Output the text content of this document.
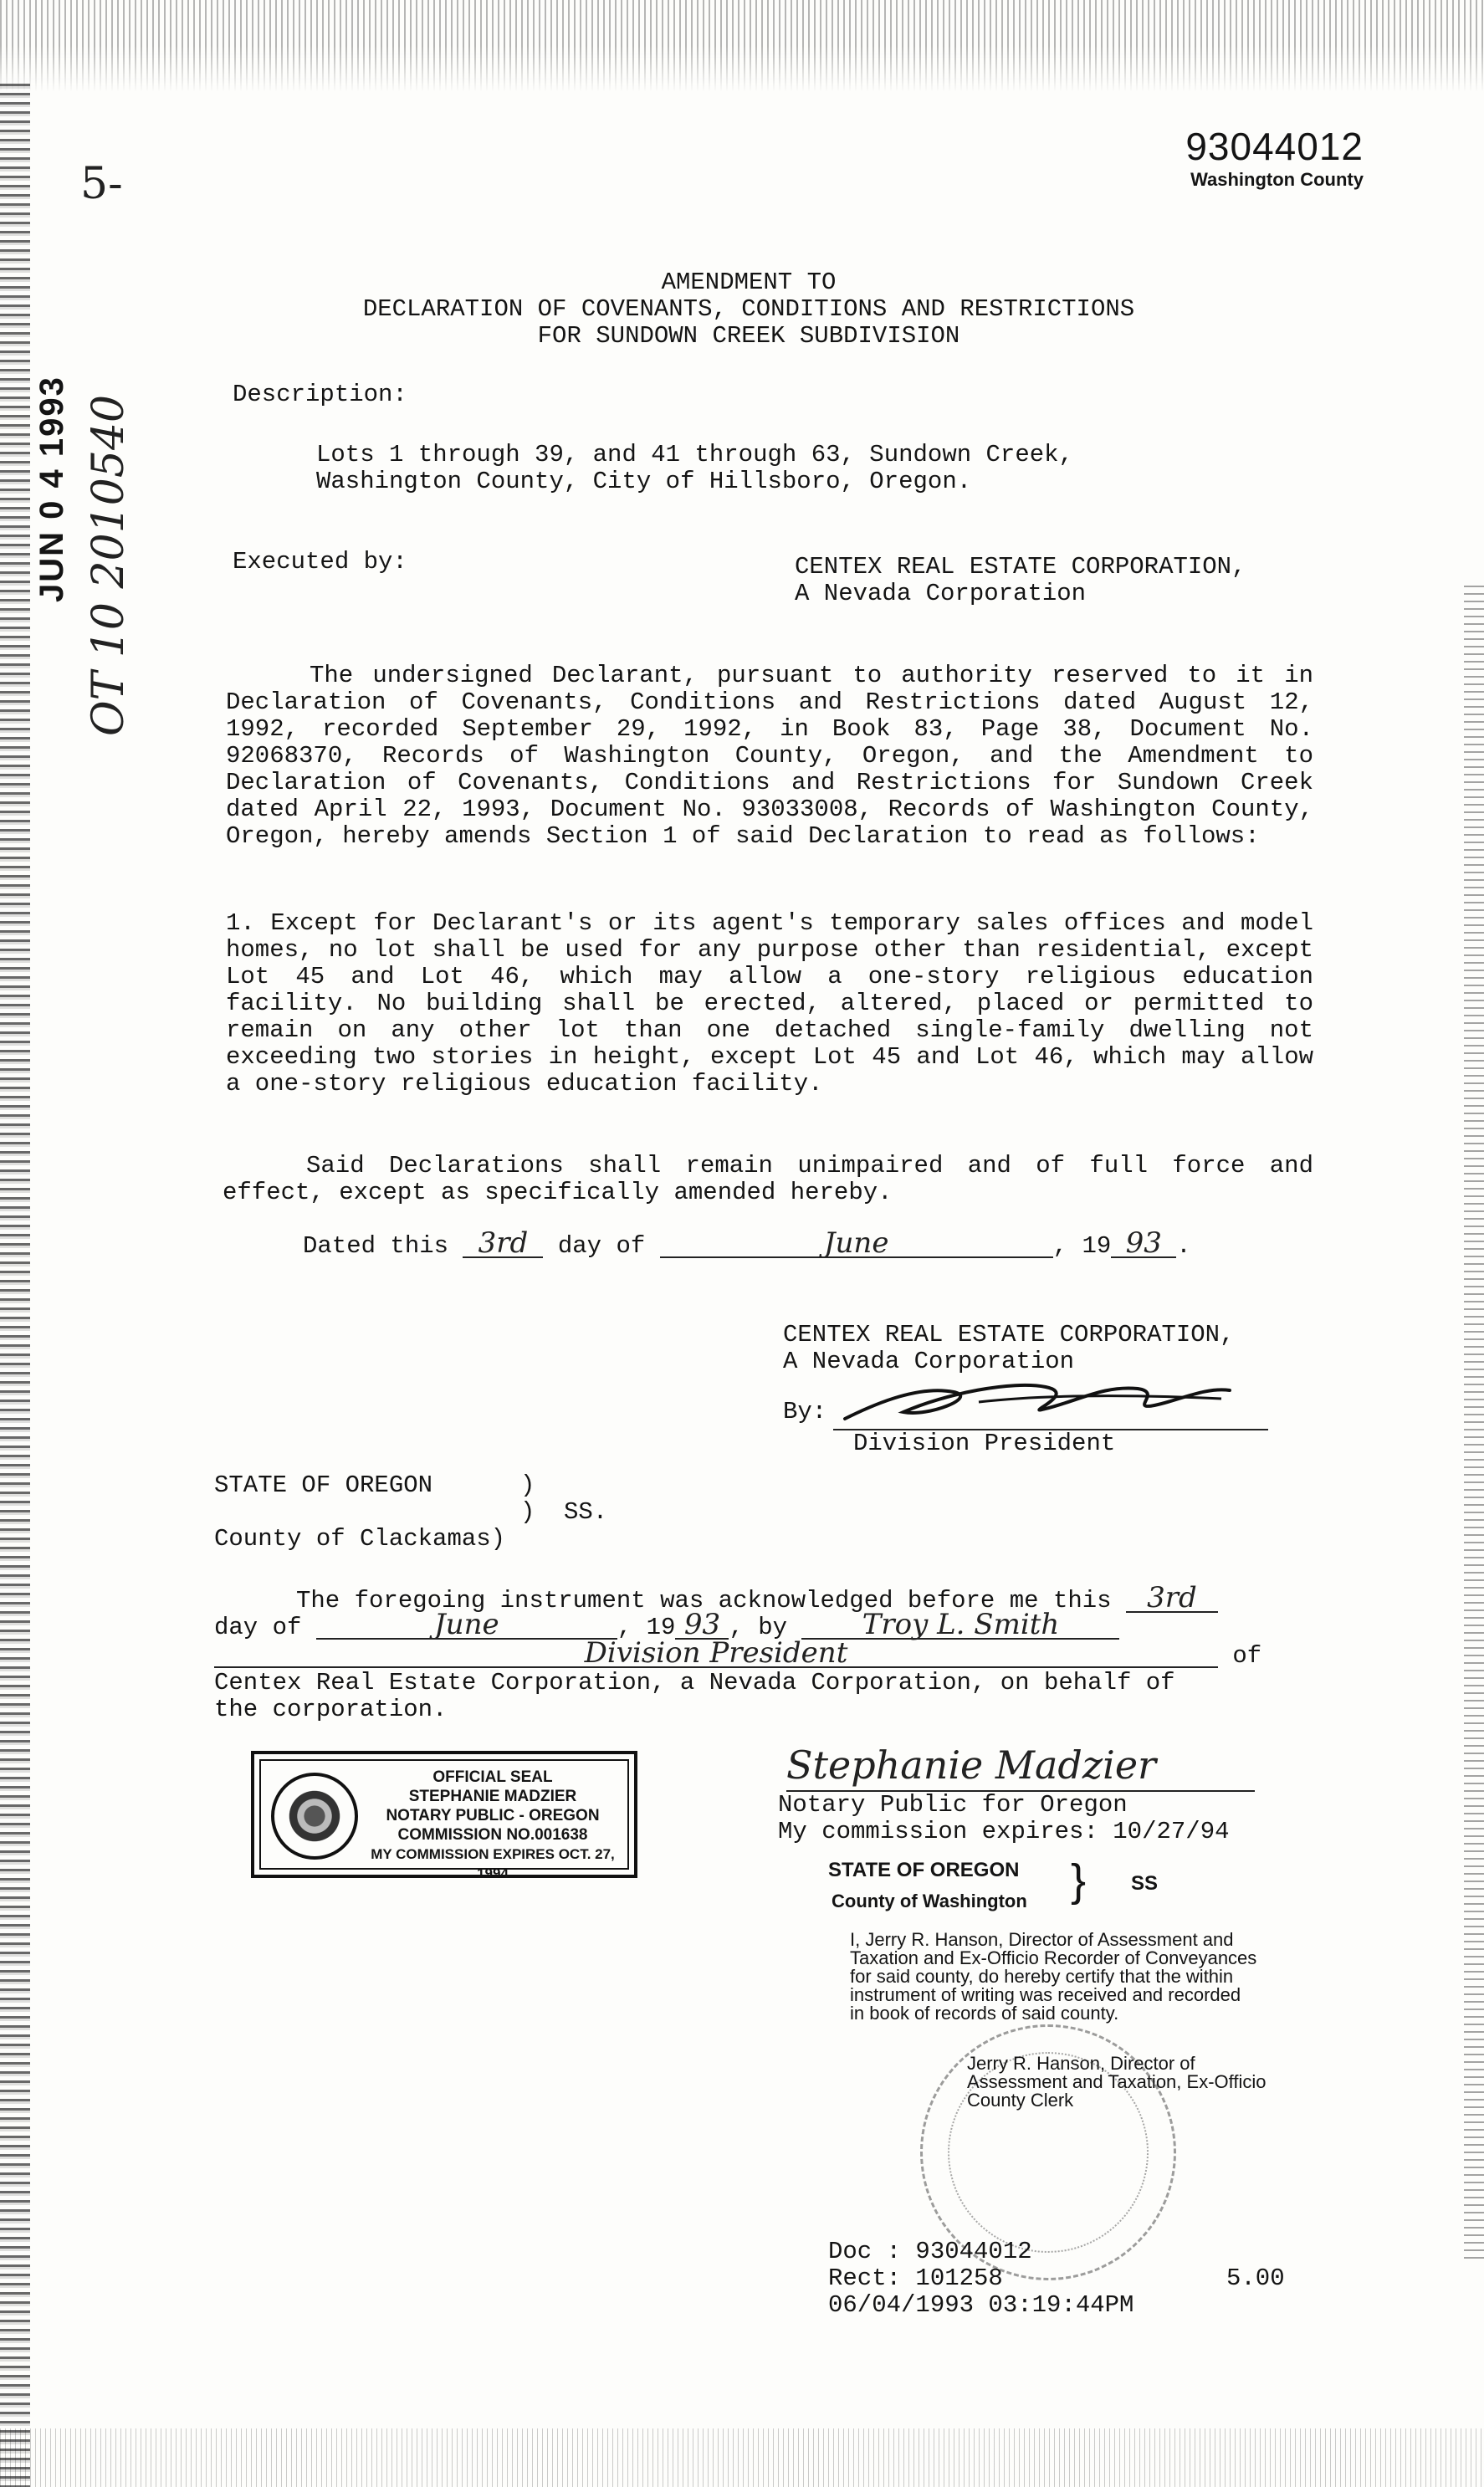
93044012
Washington County
5-
JUN 0 4 1993 OT 10 2010540
AMENDMENT TO
DECLARATION OF COVENANTS, CONDITIONS AND RESTRICTIONS
FOR SUNDOWN CREEK SUBDIVISION
Description:
Lots 1 through 39, and 41 through 63, Sundown Creek,
Washington County, City of Hillsboro, Oregon.
Executed by:	CENTEX REAL ESTATE CORPORATION,
A Nevada Corporation
The undersigned Declarant, pursuant to authority reserved to it in Declaration of Covenants, Conditions and Restrictions dated August 12, 1992, recorded September 29, 1992, in Book 83, Page 38, Document No. 92068370, Records of Washington County, Oregon, and the Amendment to Declaration of Covenants, Conditions and Restrictions for Sundown Creek dated April 22, 1993, Document No. 93033008, Records of Washington County, Oregon, hereby amends Section 1 of said Declaration to read as follows:
1. Except for Declarant's or its agent's temporary sales offices and model homes, no lot shall be used for any purpose other than residential, except Lot 45 and Lot 46, which may allow a one-story religious education facility. No building shall be erected, altered, placed or permitted to remain on any other lot than one detached single-family dwelling not exceeding two stories in height, except Lot 45 and Lot 46, which may allow a one-story religious education facility.
Said Declarations shall remain unimpaired and of full force and effect, except as specifically amended hereby.
Dated this 3rd day of	June	, 19 93 .
CENTEX REAL ESTATE CORPORATION,
A Nevada Corporation
By:
Division President
STATE OF OREGON	)
) SS.
County of Clackamas)
The foregoing instrument was acknowledged before me this 3rd
day of	June	, 19 93 , by	Troy L. Smith
Division President	of
Centex Real Estate Corporation, a Nevada Corporation, on behalf of
the corporation.
OFFICIAL SEAL
STEPHANIE MADZIER
NOTARY PUBLIC - OREGON
COMMISSION NO.001638
MY COMMISSION EXPIRES OCT. 27, 1994
Stephanie Madzier
Notary Public for Oregon
My commission expires: 10/27/94
STATE OF OREGON
County of Washington } SS
I, Jerry R. Hanson, Director of Assessment and Taxation and Ex-Officio Recorder of Conveyances for said county, do hereby certify that the within instrument of writing was received and recorded in book of records of said county.
Jerry R. Hanson, Director of Assessment and Taxation, Ex-Officio County Clerk
Doc : 93044012
Rect: 101258	5.00
06/04/1993 03:19:44PM
